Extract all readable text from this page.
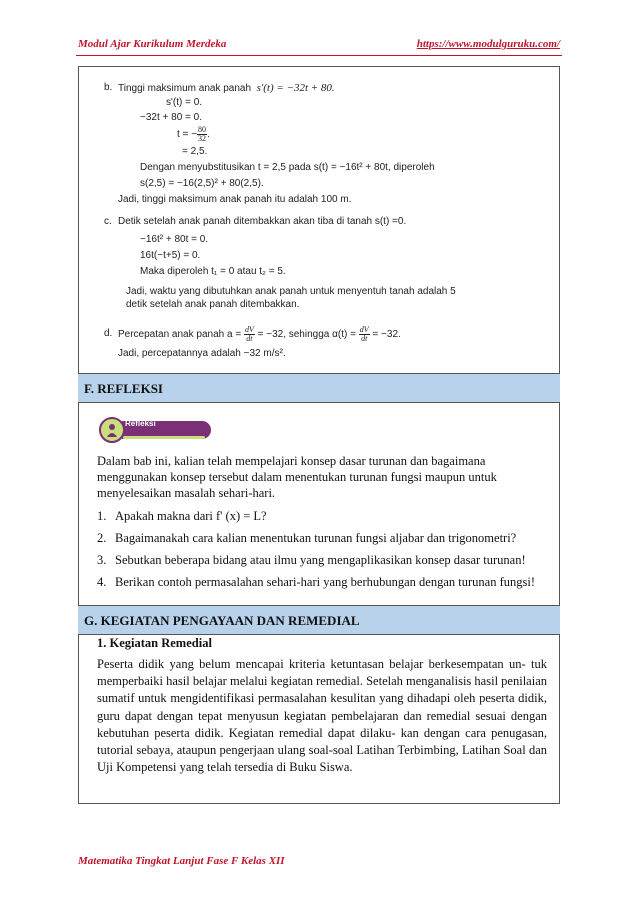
Modul Ajar Kurikulum Merdeka	https://www.modulguruku.com/
b. Tinggi maksimum anak panah s'(t) = −32t + 80.
s'(t) = 0.
−32t + 80 = 0.
t = − $\frac{80}{32}$ .
= 2,5.
Dengan menyubstitusikan t = 2,5 pada s(t) = −16t² + 80t, diperoleh
s(2,5) = −16(2,5)² + 80(2,5).
Jadi, tinggi maksimum anak panah itu adalah 100 m.
c. Detik setelah anak panah ditembakkan akan tiba di tanah s(t) =0.
−16t² + 80t = 0.
16t(−t+5) = 0.
Maka diperoleh t₁ = 0 atau t₂ = 5.
Jadi, waktu yang dibutuhkan anak panah untuk menyentuh tanah adalah 5
detik setelah anak panah ditembakkan.
d. Percepatan anak panah $a = \frac{dV}{dt} = -32$, sehingga $\alpha(t) = \frac{dV}{dt} = -32$.
Jadi, percepatannya adalah −32 m/s².
F. REFLEKSI
Refleksi
Dalam bab ini, kalian telah mempelajari konsep dasar turunan dan bagaimana menggunakan konsep tersebut dalam menentukan turunan fungsi maupun untuk menyelesaikan masalah sehari-hari.
1. Apakah makna dari f' (x) = L?
2. Bagaimanakah cara kalian menentukan turunan fungsi aljabar dan trigonometri?
3. Sebutkan beberapa bidang atau ilmu yang mengaplikasikan konsep dasar turunan!
4. Berikan contoh permasalahan sehari-hari yang berhubungan dengan turunan fungsi!
G. KEGIATAN PENGAYAAN DAN REMEDIAL
1. Kegiatan Remedial
Peserta didik yang belum mencapai kriteria ketuntasan belajar berkesempatan un- tuk memperbaiki hasil belajar melalui kegiatan remedial. Setelah menganalisis hasil penilaian sumatif untuk mengidentifikasi permasalahan kesulitan yang dihadapi oleh peserta didik, guru dapat dengan tepat menyusun kegiatan pembelajaran dan remedial sesuai dengan kebutuhan peserta didik. Kegiatan remedial dapat dilaku- kan dengan cara penugasan, tutorial sebaya, ataupun pengerjaan ulang soal-soal Latihan Terbimbing, Latihan Soal dan Uji Kompetensi yang telah tersedia di Buku Siswa.
Matematika Tingkat Lanjut Fase F Kelas XII
